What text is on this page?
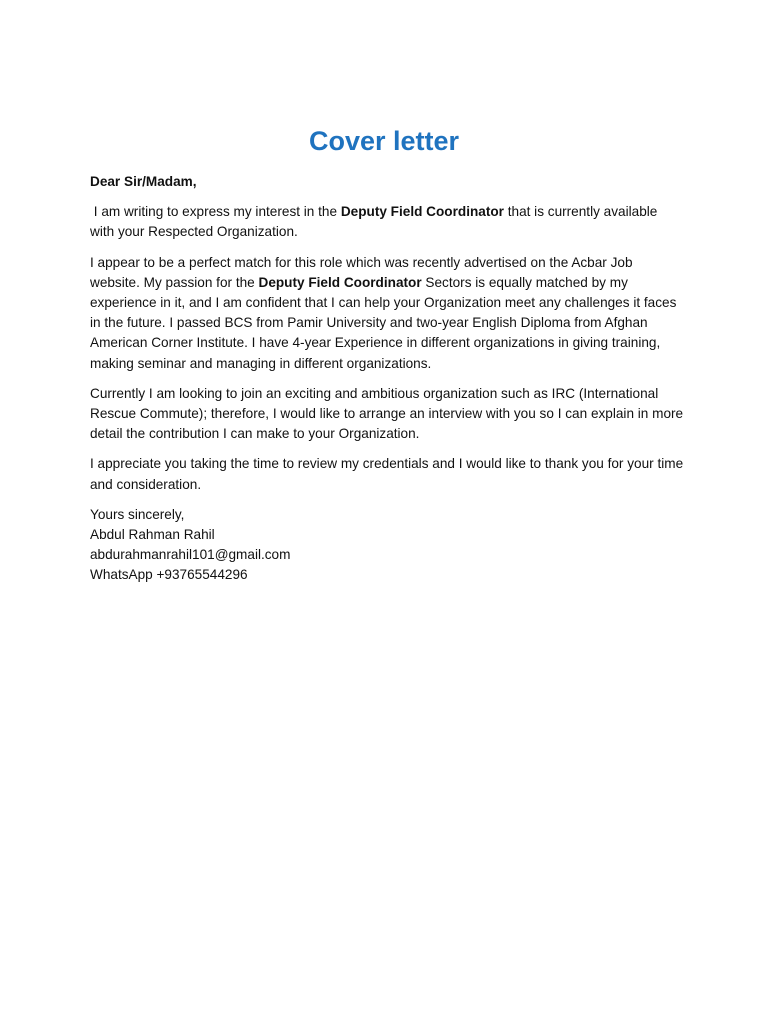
Cover letter

Dear Sir/Madam,

I am writing to express my interest in the Deputy Field Coordinator that is currently available with your Respected Organization.

I appear to be a perfect match for this role which was recently advertised on the Acbar Job website. My passion for the Deputy Field Coordinator Sectors is equally matched by my experience in it, and I am confident that I can help your Organization meet any challenges it faces in the future. I passed BCS from Pamir University and two-year English Diploma from Afghan American Corner Institute. I have 4-year Experience in different organizations in giving training, making seminar and managing in different organizations.

Currently I am looking to join an exciting and ambitious organization such as IRC (International Rescue Commute); therefore, I would like to arrange an interview with you so I can explain in more detail the contribution I can make to your Organization.

I appreciate you taking the time to review my credentials and I would like to thank you for your time and consideration.

Yours sincerely,

Abdul Rahman Rahil

abdurahmanrahil101@gmail.com

WhatsApp +93765544296
